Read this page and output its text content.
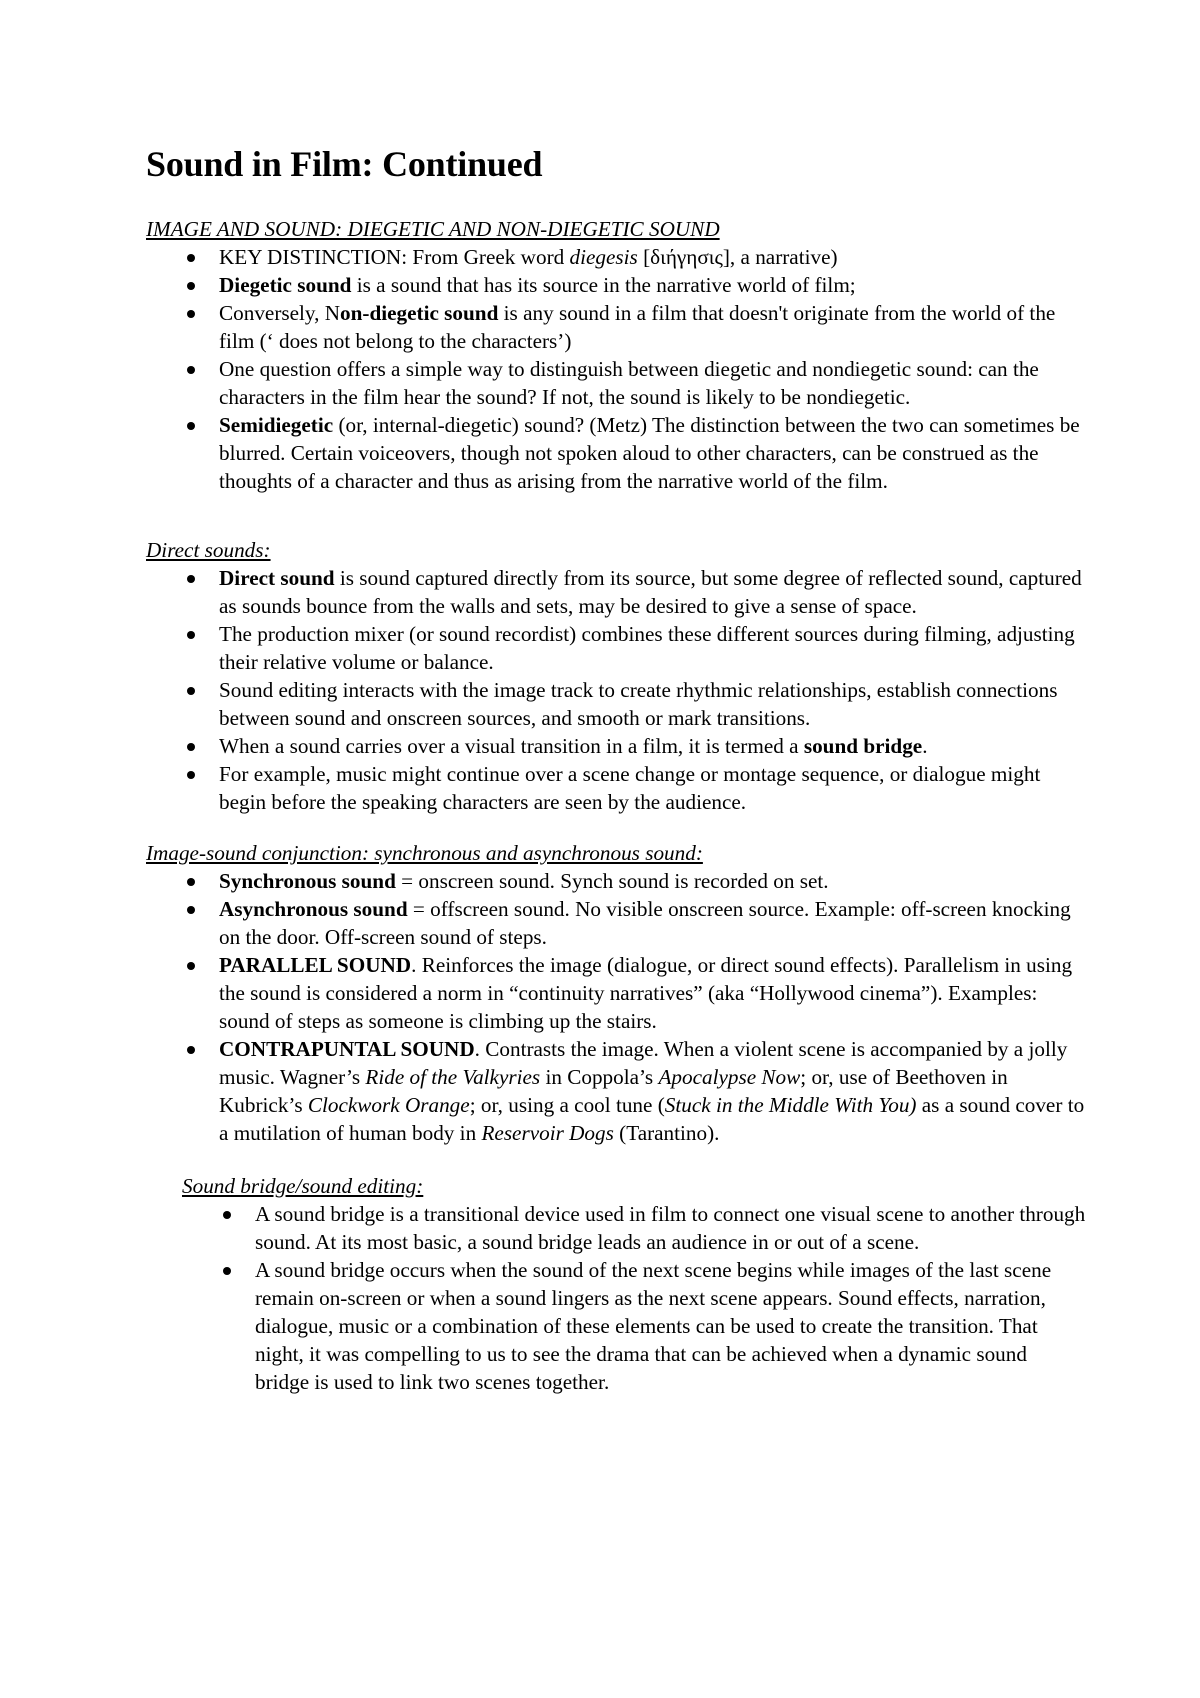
Sound in Film: Continued

IMAGE AND SOUND: DIEGETIC AND NON-DIEGETIC SOUND

KEY DISTINCTION: From Greek word diegesis [διήγησις], a narrative)
Diegetic sound is a sound that has its source in the narrative world of film;
Conversely, Non-diegetic sound is any sound in a film that doesn't originate from the world of the film (‘ does not belong to the characters’)
One question offers a simple way to distinguish between diegetic and nondiegetic sound: can the characters in the film hear the sound? If not, the sound is likely to be nondiegetic.
Semidiegetic (or, internal-diegetic) sound? (Metz) The distinction between the two can sometimes be blurred. Certain voiceovers, though not spoken aloud to other characters, can be construed as the thoughts of a character and thus as arising from the narrative world of the film.

Direct sounds:

Direct sound is sound captured directly from its source, but some degree of reflected sound, captured as sounds bounce from the walls and sets, may be desired to give a sense of space.
The production mixer (or sound recordist) combines these different sources during filming, adjusting their relative volume or balance.
Sound editing interacts with the image track to create rhythmic relationships, establish connections between sound and onscreen sources, and smooth or mark transitions.
When a sound carries over a visual transition in a film, it is termed a sound bridge.
For example, music might continue over a scene change or montage sequence, or dialogue might begin before the speaking characters are seen by the audience.

Image-sound conjunction: synchronous and asynchronous sound:

Synchronous sound = onscreen sound. Synch sound is recorded on set.
Asynchronous sound = offscreen sound. No visible onscreen source. Example: off-screen knocking on the door. Off-screen sound of steps.
PARALLEL SOUND. Reinforces the image (dialogue, or direct sound effects). Parallelism in using the sound is considered a norm in “continuity narratives” (aka “Hollywood cinema”). Examples: sound of steps as someone is climbing up the stairs.
CONTRAPUNTAL SOUND. Contrasts the image. When a violent scene is accompanied by a jolly music. Wagner’s Ride of the Valkyries in Coppola’s Apocalypse Now; or, use of Beethoven in Kubrick’s Clockwork Orange; or, using a cool tune (Stuck in the Middle With You) as a sound cover to a mutilation of human body in Reservoir Dogs (Tarantino).

Sound bridge/sound editing:

A sound bridge is a transitional device used in film to connect one visual scene to another through sound. At its most basic, a sound bridge leads an audience in or out of a scene.
A sound bridge occurs when the sound of the next scene begins while images of the last scene remain on-screen or when a sound lingers as the next scene appears. Sound effects, narration, dialogue, music or a combination of these elements can be used to create the transition. That night, it was compelling to us to see the drama that can be achieved when a dynamic sound bridge is used to link two scenes together.
